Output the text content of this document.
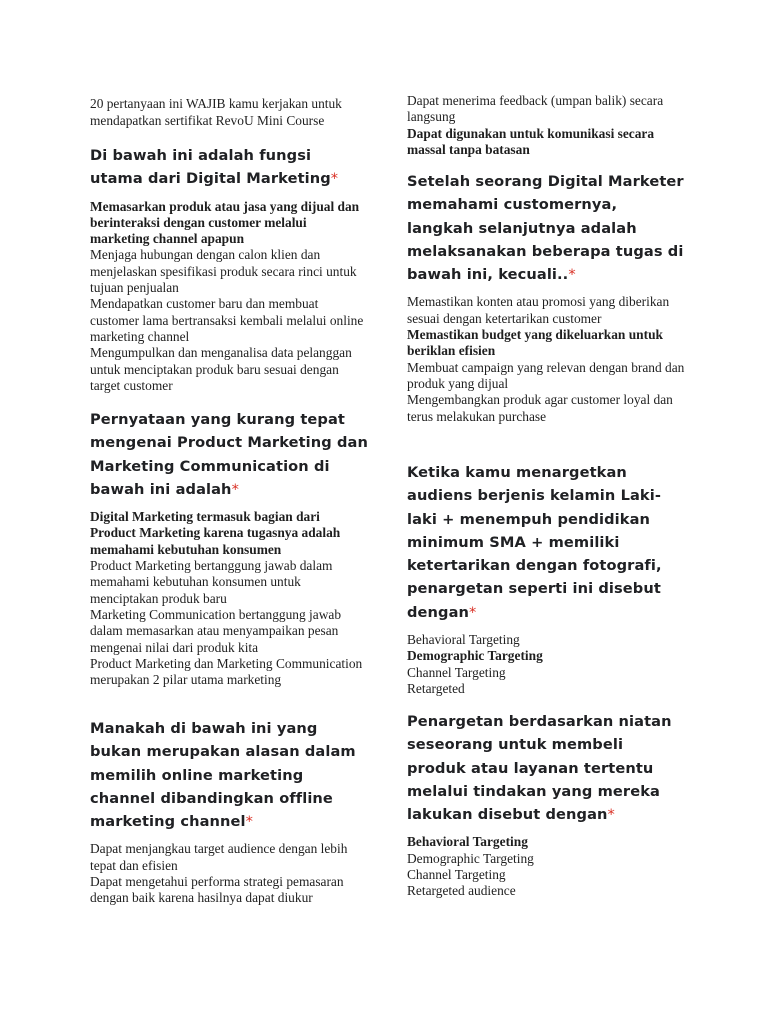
20 pertanyaan ini WAJIB kamu kerjakan untuk mendapatkan sertifikat RevoU Mini Course
Di bawah ini adalah fungsi utama dari Digital Marketing*
Memasarkan produk atau jasa yang dijual dan berinteraksi dengan customer melalui marketing channel apapun
Menjaga hubungan dengan calon klien dan menjelaskan spesifikasi produk secara rinci untuk tujuan penjualan
Mendapatkan customer baru dan membuat customer lama bertransaksi kembali melalui online marketing channel
Mengumpulkan dan menganalisa data pelanggan untuk menciptakan produk baru sesuai dengan target customer
Pernyataan yang kurang tepat mengenai Product Marketing dan Marketing Communication di bawah ini adalah*
Digital Marketing termasuk bagian dari Product Marketing karena tugasnya adalah memahami kebutuhan konsumen
Product Marketing bertanggung jawab dalam memahami kebutuhan konsumen untuk menciptakan produk baru
Marketing Communication bertanggung jawab dalam memasarkan atau menyampaikan pesan mengenai nilai dari produk kita
Product Marketing dan Marketing Communication merupakan 2 pilar utama marketing
Manakah di bawah ini yang bukan merupakan alasan dalam memilih online marketing channel dibandingkan offline marketing channel*
Dapat menjangkau target audience dengan lebih tepat dan efisien
Dapat mengetahui performa strategi pemasaran dengan baik karena hasilnya dapat diukur
Dapat menerima feedback (umpan balik) secara langsung
Dapat digunakan untuk komunikasi secara massal tanpa batasan
Setelah seorang Digital Marketer memahami customernya, langkah selanjutnya adalah melaksanakan beberapa tugas di bawah ini, kecuali..*
Memastikan konten atau promosi yang diberikan sesuai dengan ketertarikan customer
Memastikan budget yang dikeluarkan untuk beriklan efisien
Membuat campaign yang relevan dengan brand dan produk yang dijual
Mengembangkan produk agar customer loyal dan terus melakukan purchase
Ketika kamu menargetkan audiens berjenis kelamin Laki-laki + menempuh pendidikan minimum SMA + memiliki ketertarikan dengan fotografi, penargetan seperti ini disebut dengan*
Behavioral Targeting
Demographic Targeting
Channel Targeting
Retargeted
Penargetan berdasarkan niatan seseorang untuk membeli produk atau layanan tertentu melalui tindakan yang mereka lakukan disebut dengan*
Behavioral Targeting
Demographic Targeting
Channel Targeting
Retargeted audience
